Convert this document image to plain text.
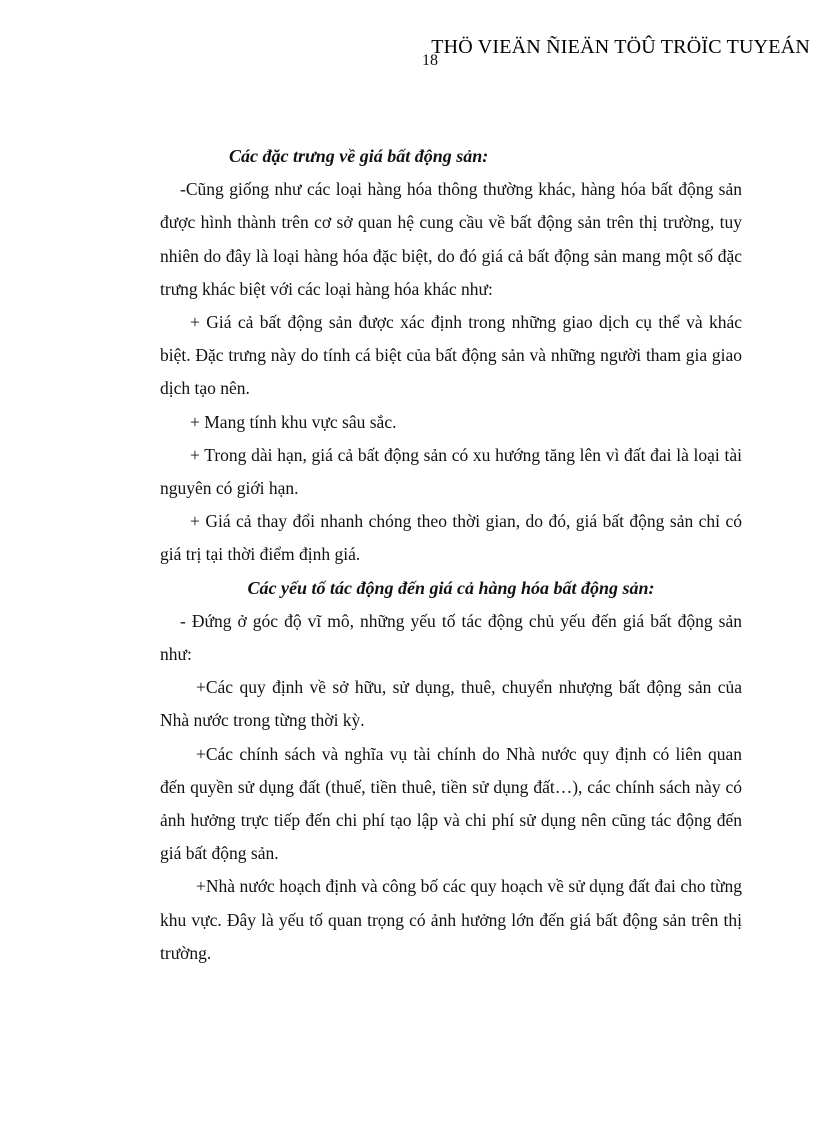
THÖ VIEÄN ÑIEÄN TÖÛ TRÖÏC TUYEÁN
18

Các đặc trưng về giá bất động sản:

-Cũng giống như các loại hàng hóa thông thường khác, hàng hóa bất động sản được hình thành trên cơ sở quan hệ cung cầu về bất động sản trên thị trường, tuy nhiên do đây là loại hàng hóa đặc biệt, do đó giá cả bất động sản mang một số đặc trưng khác biệt với các loại hàng hóa khác như:

+ Giá cả bất động sản được xác định trong những giao dịch cụ thể và khác biệt. Đặc trưng này do tính cá biệt của bất động sản và những người tham gia giao dịch tạo nên.

+ Mang tính khu vực sâu sắc.

+ Trong dài hạn, giá cả bất động sản có xu hướng tăng lên vì đất đai là loại tài nguyên có giới hạn.

+ Giá cả thay đổi nhanh chóng theo thời gian, do đó, giá bất động sản chỉ có giá trị tại thời điểm định giá.

Các yếu tố tác động đến giá cả hàng hóa bất động sản:

- Đứng ở góc độ vĩ mô, những yếu tố tác động chủ yếu đến giá bất động sản như:

+Các quy định về sở hữu, sử dụng, thuê, chuyển nhượng bất động sản của Nhà nước trong từng thời kỳ.

+Các chính sách và nghĩa vụ tài chính do Nhà nước quy định có liên quan đến quyền sử dụng đất (thuế, tiền thuê, tiền sử dụng đất…), các chính sách này có ảnh hưởng trực tiếp đến chi phí tạo lập và chi phí sử dụng nên cũng tác động đến giá bất động sản.

+Nhà nước hoạch định và công bố các quy hoạch về sử dụng đất đai cho từng khu vực. Đây là yếu tố quan trọng có ảnh hưởng lớn đến giá bất động sản trên thị trường.
